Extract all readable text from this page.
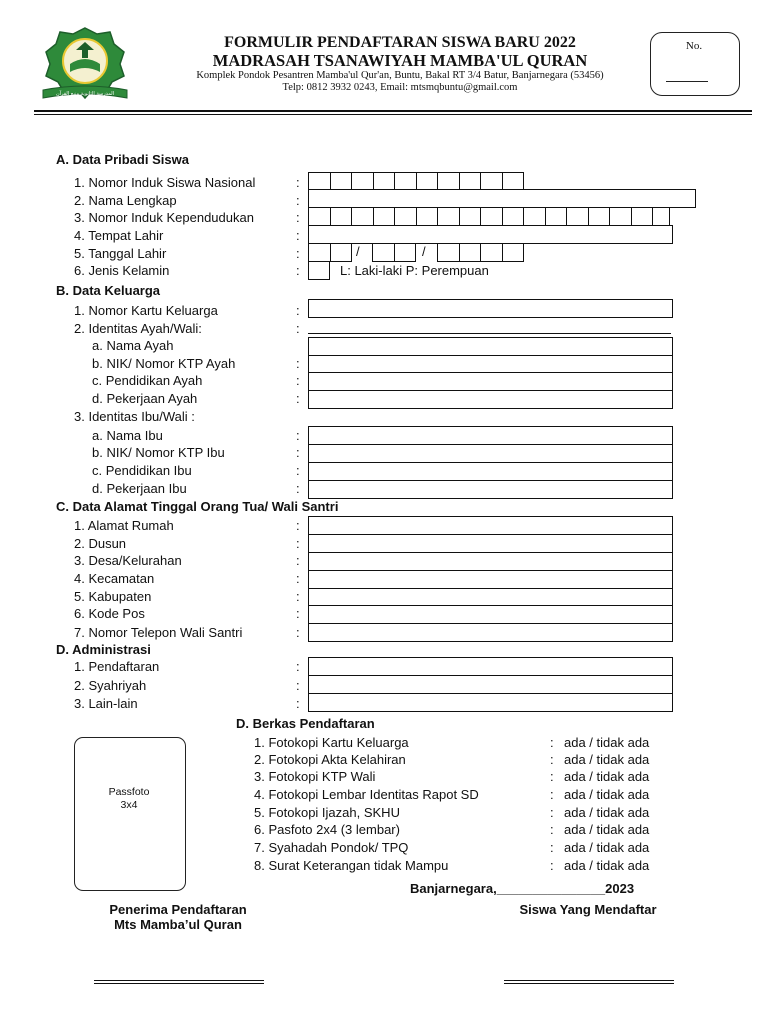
المدرسة الثانوية منبع القرآن
FORMULIR PENDAFTARAN SISWA BARU 2022
MADRASAH TSANAWIYAH MAMBA'UL QURAN
Komplek Pondok Pesantren Mamba'ul Qur'an, Buntu, Bakal RT 3/4 Batur, Banjarnegara (53456)
Telp: 0812 3932 0243, Email: mtsmqbuntu@gmail.com
No.
A. Data Pribadi Siswa
1. Nomor Induk Siswa Nasional	:
2. Nama Lengkap	:
3. Nomor Induk Kependudukan	:
4. Tempat Lahir	:
5. Tanggal Lahir	:	/	/
6. Jenis Kelamin	:	L: Laki-laki P: Perempuan
B. Data Keluarga
1. Nomor Kartu Keluarga	:
2. Identitas Ayah/Wali:	:
a. Nama Ayah
b. NIK/ Nomor KTP Ayah	:
c. Pendidikan Ayah	:
d. Pekerjaan Ayah	:
3. Identitas Ibu/Wali :
a. Nama Ibu	:
b. NIK/ Nomor KTP Ibu	:
c. Pendidikan Ibu	:
d. Pekerjaan Ibu	:
C. Data Alamat Tinggal Orang Tua/ Wali Santri
1. Alamat Rumah	:
2. Dusun	:
3. Desa/Kelurahan	:
4. Kecamatan	:
5. Kabupaten	:
6. Kode Pos	:
7. Nomor Telepon Wali Santri	:
D. Administrasi
1. Pendaftaran	:
2. Syahriyah	:
3. Lain-lain	:
D. Berkas Pendaftaran
Passfoto
3x4
1. Fotokopi Kartu Keluarga	: ada / tidak ada
2. Fotokopi Akta Kelahiran	: ada / tidak ada
3. Fotokopi KTP Wali	: ada / tidak ada
4. Fotokopi Lembar Identitas Rapot SD	: ada / tidak ada
5. Fotokopi Ijazah, SKHU	: ada / tidak ada
6. Pasfoto 2x4 (3 lembar)	: ada / tidak ada
7. Syahadah Pondok/ TPQ	: ada / tidak ada
8. Surat Keterangan tidak Mampu	: ada / tidak ada
Banjarnegara,_______________2023
Penerima Pendaftaran
Mts Mamba’ul Quran
Siswa Yang Mendaftar
